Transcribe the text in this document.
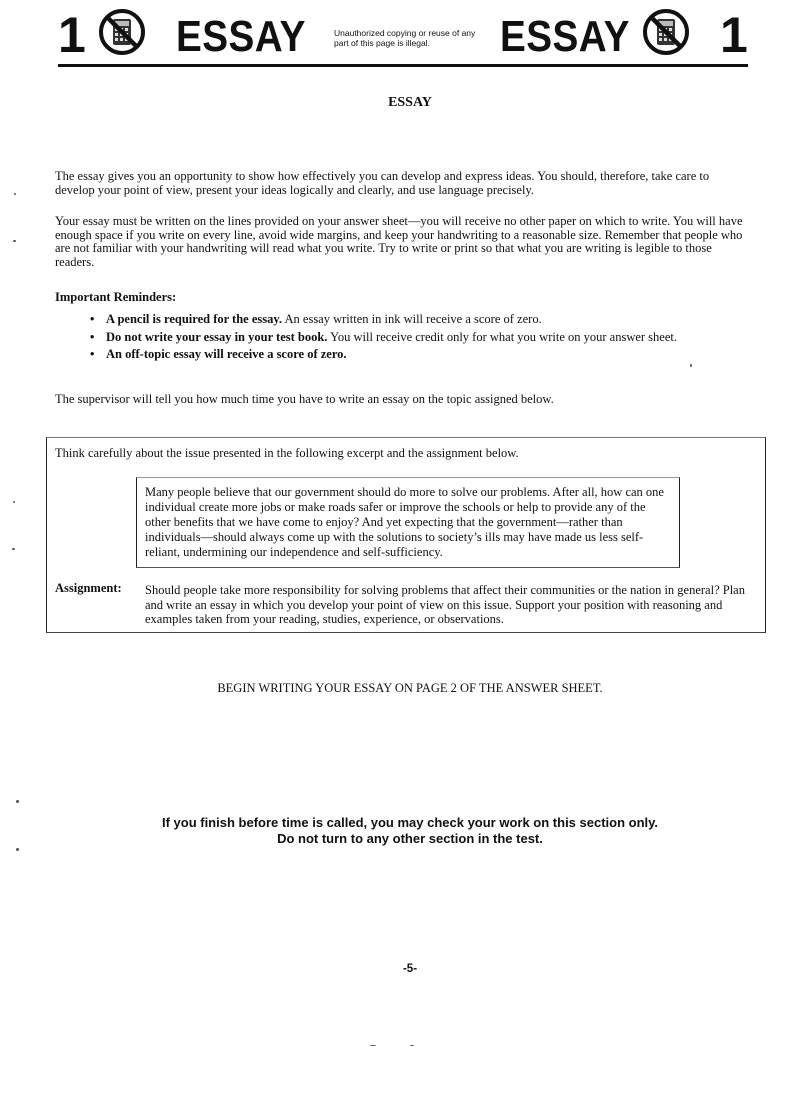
1 ESSAY	Unauthorized copying or reuse of any part of this page is illegal.	ESSAY 1
ESSAY
The essay gives you an opportunity to show how effectively you can develop and express ideas. You should, therefore, take care to develop your point of view, present your ideas logically and clearly, and use language precisely.
Your essay must be written on the lines provided on your answer sheet—you will receive no other paper on which to write. You will have enough space if you write on every line, avoid wide margins, and keep your handwriting to a reasonable size. Remember that people who are not familiar with your handwriting will read what you write. Try to write or print so that what you are writing is legible to those readers.
Important Reminders:
• A pencil is required for the essay. An essay written in ink will receive a score of zero.
• Do not write your essay in your test book. You will receive credit only for what you write on your answer sheet.
• An off-topic essay will receive a score of zero.
The supervisor will tell you how much time you have to write an essay on the topic assigned below.
Think carefully about the issue presented in the following excerpt and the assignment below.
Many people believe that our government should do more to solve our problems. After all, how can one individual create more jobs or make roads safer or improve the schools or help to provide any of the other benefits that we have come to enjoy? And yet expecting that the government—rather than individuals—should always come up with the solutions to society’s ills may have made us less self-reliant, undermining our independence and self-sufficiency.
Assignment: Should people take more responsibility for solving problems that affect their communities or the nation in general? Plan and write an essay in which you develop your point of view on this issue. Support your position with reasoning and examples taken from your reading, studies, experience, or observations.
BEGIN WRITING YOUR ESSAY ON PAGE 2 OF THE ANSWER SHEET.
If you finish before time is called, you may check your work on this section only.
Do not turn to any other section in the test.
-5-
